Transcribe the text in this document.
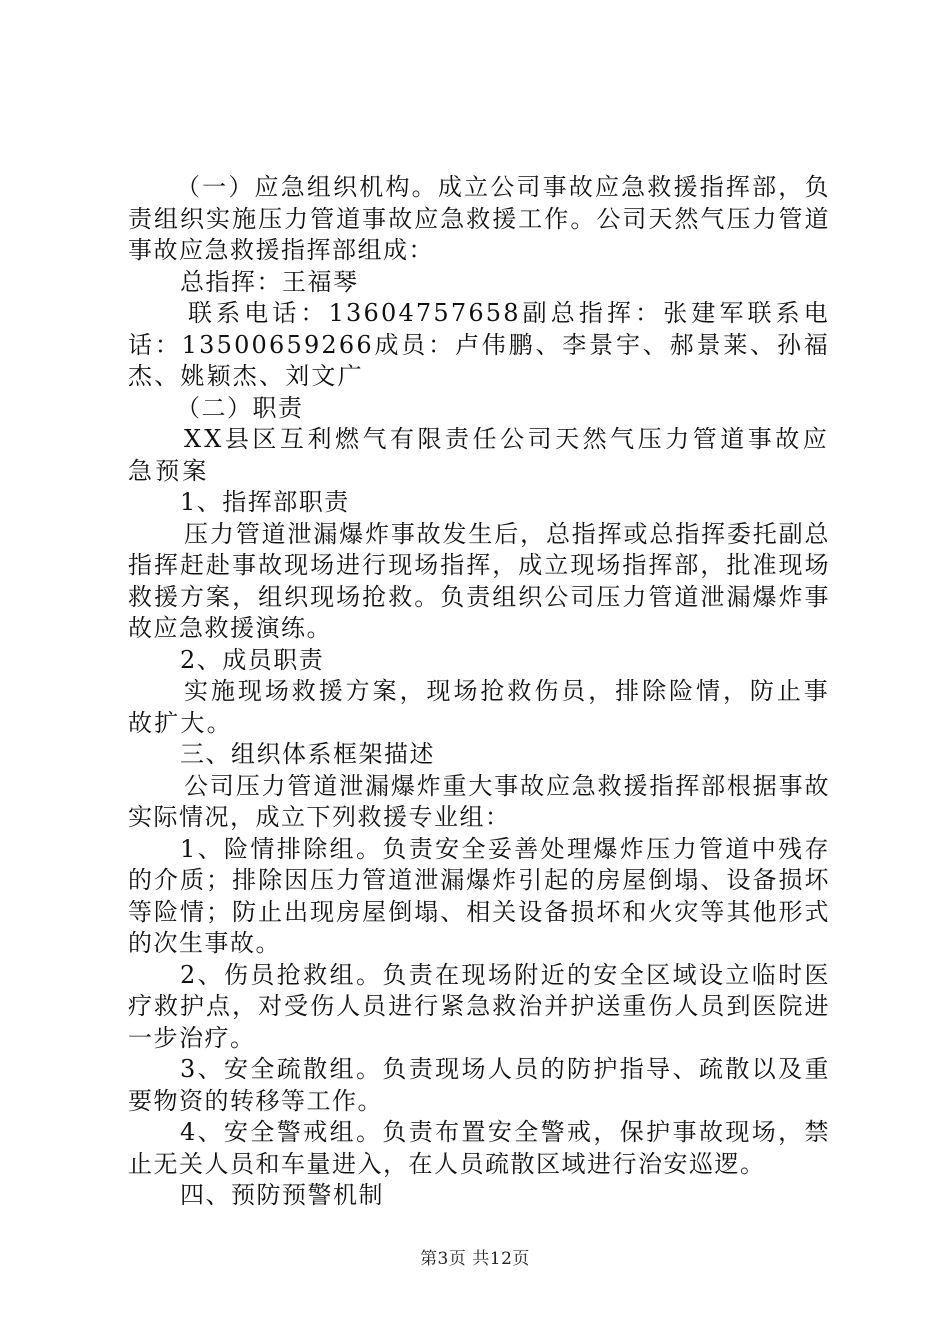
（一）应急组织机构。成立公司事故应急救援指挥部，负责组织实施压力管道事故应急救援工作。公司天然气压力管道事故应急救援指挥部组成：

总指挥：王福琴

联系电话：13604757658副总指挥：张建军联系电话：13500659266成员：卢伟鹏、李景宇、郝景莱、孙福杰、姚颖杰、刘文广

（二）职责

XX县区互利燃气有限责任公司天然气压力管道事故应急预案

1、指挥部职责

压力管道泄漏爆炸事故发生后，总指挥或总指挥委托副总指挥赶赴事故现场进行现场指挥，成立现场指挥部，批准现场救援方案，组织现场抢救。负责组织公司压力管道泄漏爆炸事故应急救援演练。

2、成员职责

实施现场救援方案，现场抢救伤员，排除险情，防止事故扩大。

三、组织体系框架描述

公司压力管道泄漏爆炸重大事故应急救援指挥部根据事故实际情况，成立下列救援专业组：

1、险情排除组。负责安全妥善处理爆炸压力管道中残存的介质；排除因压力管道泄漏爆炸引起的房屋倒塌、设备损坏等险情；防止出现房屋倒塌、相关设备损坏和火灾等其他形式的次生事故。

2、伤员抢救组。负责在现场附近的安全区域设立临时医疗救护点，对受伤人员进行紧急救治并护送重伤人员到医院进一步治疗。

3、安全疏散组。负责现场人员的防护指导、疏散以及重要物资的转移等工作。

4、安全警戒组。负责布置安全警戒，保护事故现场，禁止无关人员和车量进入，在人员疏散区域进行治安巡逻。

四、预防预警机制

第3页 共12页
